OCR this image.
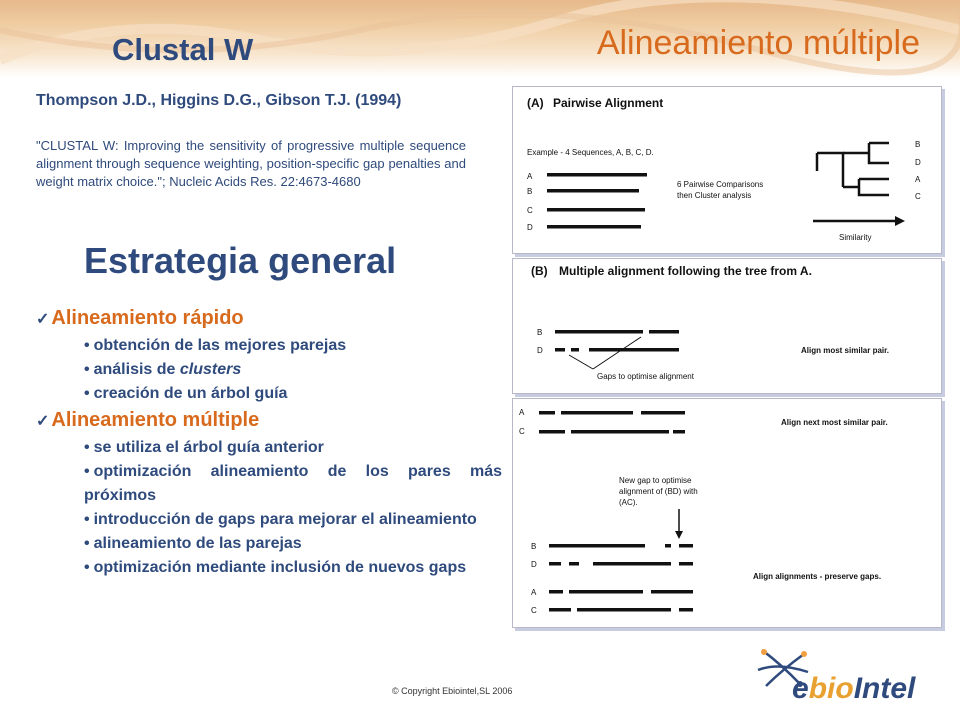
Clustal W	Alineamiento múltiple
Thompson J.D., Higgins D.G., Gibson T.J. (1994)
"CLUSTAL W: Improving the sensitivity of progressive multiple sequence alignment through sequence weighting, position-specific gap penalties and weight matrix choice."; Nucleic Acids Res. 22:4673-4680
Estrategia general
✓ Alineamiento rápido
• obtención de las mejores parejas
• análisis de clusters
• creación de un árbol guía
✓ Alineamiento múltiple
• se utiliza el árbol guía anterior
• optimización alineamiento de los pares más próximos
• introducción de gaps para mejorar el alineamiento
• alineamiento de las parejas
• optimización mediante inclusión de nuevos gaps
(A) Pairwise Alignment
Example - 4 Sequences, A, B, C, D.
A
B
C
D
6 Pairwise Comparisons
then Cluster analysis
B
D
A
C
Similarity
(B) Multiple alignment following the tree from A.
B
D
Gaps to optimise alignment
Align most similar pair.
A
C
Align next most similar pair.
New gap to optimise
alignment of (BD) with
(AC).
B
D
A
C
Align alignments - preserve gaps.
© Copyright Ebiointel,SL 2006	ebioIntel
